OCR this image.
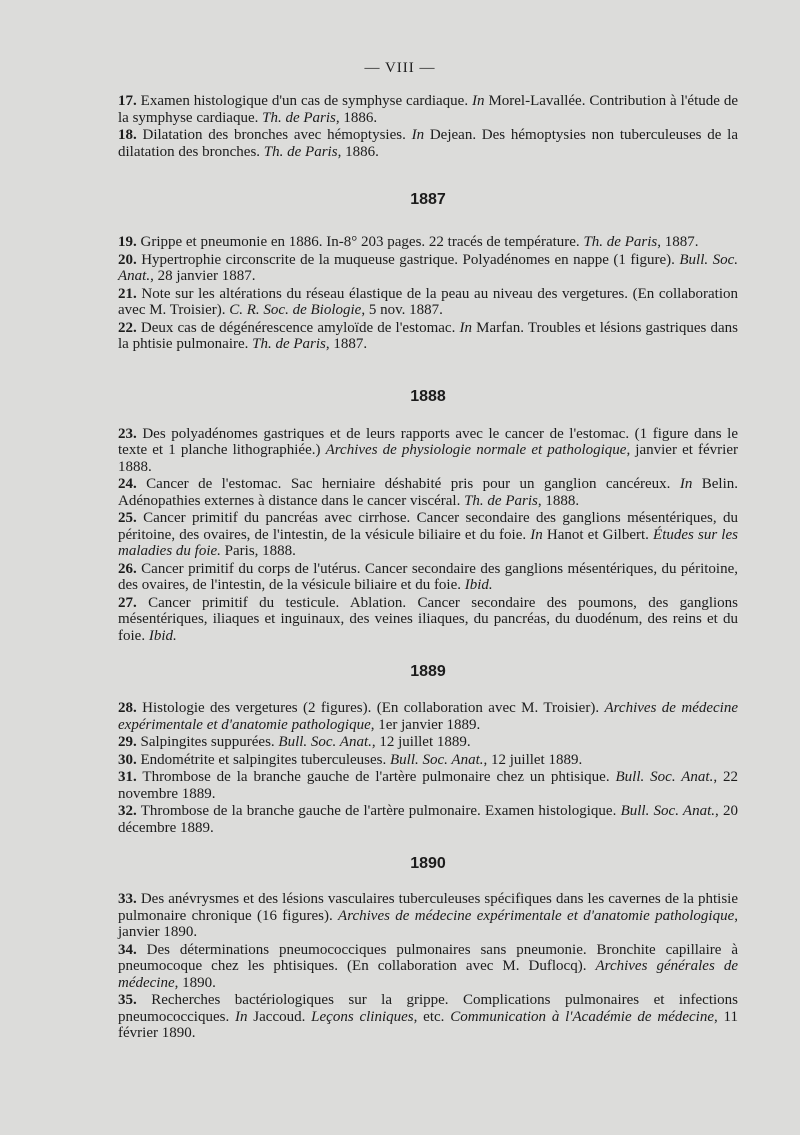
— VIII —

17. Examen histologique d'un cas de symphyse cardiaque. In Morel-Lavallée. Contribution à l'étude de la symphyse cardiaque. Th. de Paris, 1886.

18. Dilatation des bronches avec hémoptysies. In Dejean. Des hémoptysies non tuberculeuses de la dilatation des bronches. Th. de Paris, 1886.

1887

19. Grippe et pneumonie en 1886. In-8° 203 pages. 22 tracés de température. Th. de Paris, 1887.

20. Hypertrophie circonscrite de la muqueuse gastrique. Polyadénomes en nappe (1 figure). Bull. Soc. Anat., 28 janvier 1887.

21. Note sur les altérations du réseau élastique de la peau au niveau des vergetures. (En collaboration avec M. Troisier). C. R. Soc. de Biologie, 5 nov. 1887.

22. Deux cas de dégénérescence amyloïde de l'estomac. In Marfan. Troubles et lésions gastriques dans la phtisie pulmonaire. Th. de Paris, 1887.

1888

23. Des polyadénomes gastriques et de leurs rapports avec le cancer de l'estomac. (1 figure dans le texte et 1 planche lithographiée.) Archives de physiologie normale et pathologique, janvier et février 1888.

24. Cancer de l'estomac. Sac herniaire déshabité pris pour un ganglion cancéreux. In Belin. Adénopathies externes à distance dans le cancer viscéral. Th. de Paris, 1888.

25. Cancer primitif du pancréas avec cirrhose. Cancer secondaire des ganglions mésentériques, du péritoine, des ovaires, de l'intestin, de la vésicule biliaire et du foie. In Hanot et Gilbert. Études sur les maladies du foie. Paris, 1888.

26. Cancer primitif du corps de l'utérus. Cancer secondaire des ganglions mésentériques, du péritoine, des ovaires, de l'intestin, de la vésicule biliaire et du foie. Ibid.

27. Cancer primitif du testicule. Ablation. Cancer secondaire des poumons, des ganglions mésentériques, iliaques et inguinaux, des veines iliaques, du pancréas, du duodénum, des reins et du foie. Ibid.

1889

28. Histologie des vergetures (2 figures). (En collaboration avec M. Troisier). Archives de médecine expérimentale et d'anatomie pathologique, 1er janvier 1889.

29. Salpingites suppurées. Bull. Soc. Anat., 12 juillet 1889.

30. Endométrite et salpingites tuberculeuses. Bull. Soc. Anat., 12 juillet 1889.

31. Thrombose de la branche gauche de l'artère pulmonaire chez un phtisique. Bull. Soc. Anat., 22 novembre 1889.

32. Thrombose de la branche gauche de l'artère pulmonaire. Examen histologique. Bull. Soc. Anat., 20 décembre 1889.

1890

33. Des anévrysmes et des lésions vasculaires tuberculeuses spécifiques dans les cavernes de la phtisie pulmonaire chronique (16 figures). Archives de médecine expérimentale et d'anatomie pathologique, janvier 1890.

34. Des déterminations pneumococciques pulmonaires sans pneumonie. Bronchite capillaire à pneumocoque chez les phtisiques. (En collaboration avec M. Duflocq). Archives générales de médecine, 1890.

35. Recherches bactériologiques sur la grippe. Complications pulmonaires et infections pneumococciques. In Jaccoud. Leçons cliniques, etc. Communication à l'Académie de médecine, 11 février 1890.
